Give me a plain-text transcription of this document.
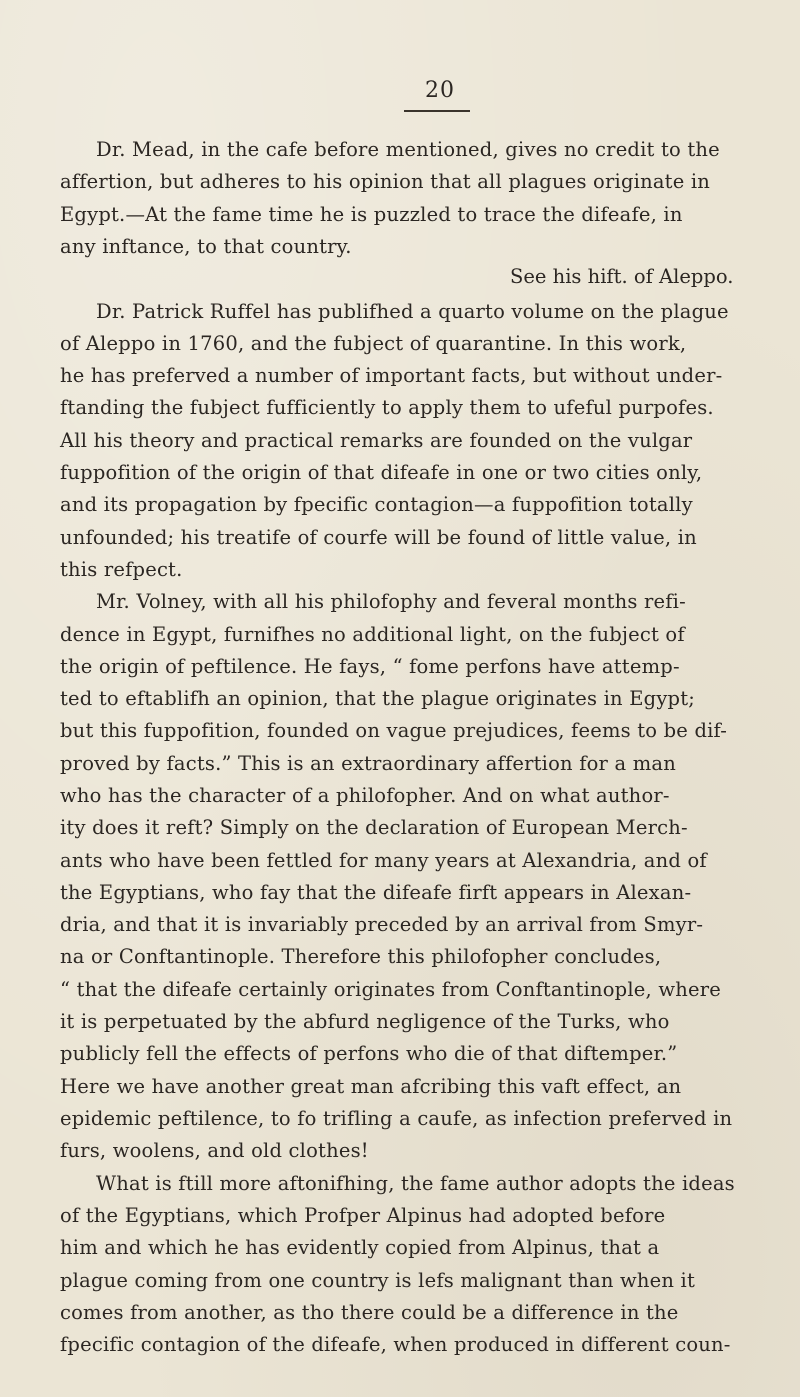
20
Dr. Mead, in the cafe before mentioned, gives no credit to the
affertion, but adheres to his opinion that all plagues originate in
Egypt.—At the fame time he is puzzled to trace the difeafe, in
any inftance, to that country.
See his hift. of Aleppo.
Dr. Patrick Ruffel has publifhed a quarto volume on the plague
of Aleppo in 1760, and the fubject of quarantine. In this work,
he has preferved a number of important facts, but without under-
ftanding the fubject fufficiently to apply them to ufeful purpofes.
All his theory and practical remarks are founded on the vulgar
fuppofition of the origin of that difeafe in one or two cities only,
and its propagation by fpecific contagion—a fuppofition totally
unfounded; his treatife of courfe will be found of little value, in
this refpect.
Mr. Volney, with all his philofophy and feveral months refi-
dence in Egypt, furnifhes no additional light, on the fubject of
the origin of peftilence. He fays, “ fome perfons have attemp-
ted to eftablifh an opinion, that the plague originates in Egypt;
but this fuppofition, founded on vague prejudices, feems to be dif-
proved by facts.” This is an extraordinary affertion for a man
who has the character of a philofopher. And on what author-
ity does it reft? Simply on the declaration of European Merch-
ants who have been fettled for many years at Alexandria, and of
the Egyptians, who fay that the difeafe firft appears in Alexan-
dria, and that it is invariably preceded by an arrival from Smyr-
na or Conftantinople. Therefore this philofopher concludes,
“ that the difeafe certainly originates from Conftantinople, where
it is perpetuated by the abfurd negligence of the Turks, who
publicly fell the effects of perfons who die of that diftemper.”
Here we have another great man afcribing this vaft effect, an
epidemic peftilence, to fo trifling a caufe, as infection preferved in
furs, woolens, and old clothes!
What is ftill more aftonifhing, the fame author adopts the ideas
of the Egyptians, which Profper Alpinus had adopted before
him and which he has evidently copied from Alpinus, that a
plague coming from one country is lefs malignant than when it
comes from another, as tho there could be a difference in the
fpecific contagion of the difeafe, when produced in different coun-
